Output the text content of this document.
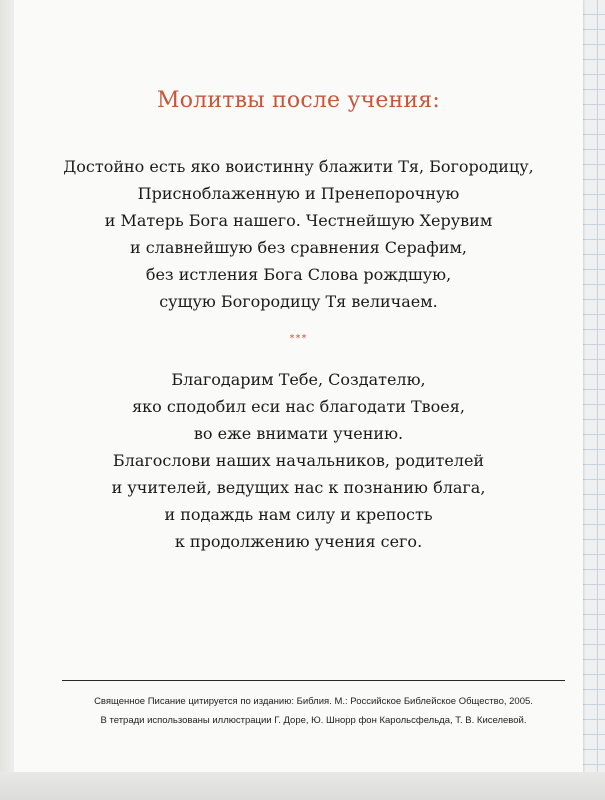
Молитвы после учения:
Достойно есть яко воистинну блажити Тя, Богородицу,
Присноблаженную и Пренепорочную
и Матерь Бога нашего. Честнейшую Херувим
и славнейшую без сравнения Серафим,
без истления Бога Слова рождшую,
сущую Богородицу Тя величаем.
***
Благодарим Тебе, Создателю,
яко сподобил еси нас благодати Твоея,
во еже внимати учению.
Благослови наших начальников, родителей
и учителей, ведущих нас к познанию блага,
и подаждь нам силу и крепость
к продолжению учения сего.
Священное Писание цитируется по изданию: Библия. М.: Российское Библейское Общество, 2005.
В тетради использованы иллюстрации Г. Доре, Ю. Шнорр фон Карольсфельда, Т. В. Киселевой.
